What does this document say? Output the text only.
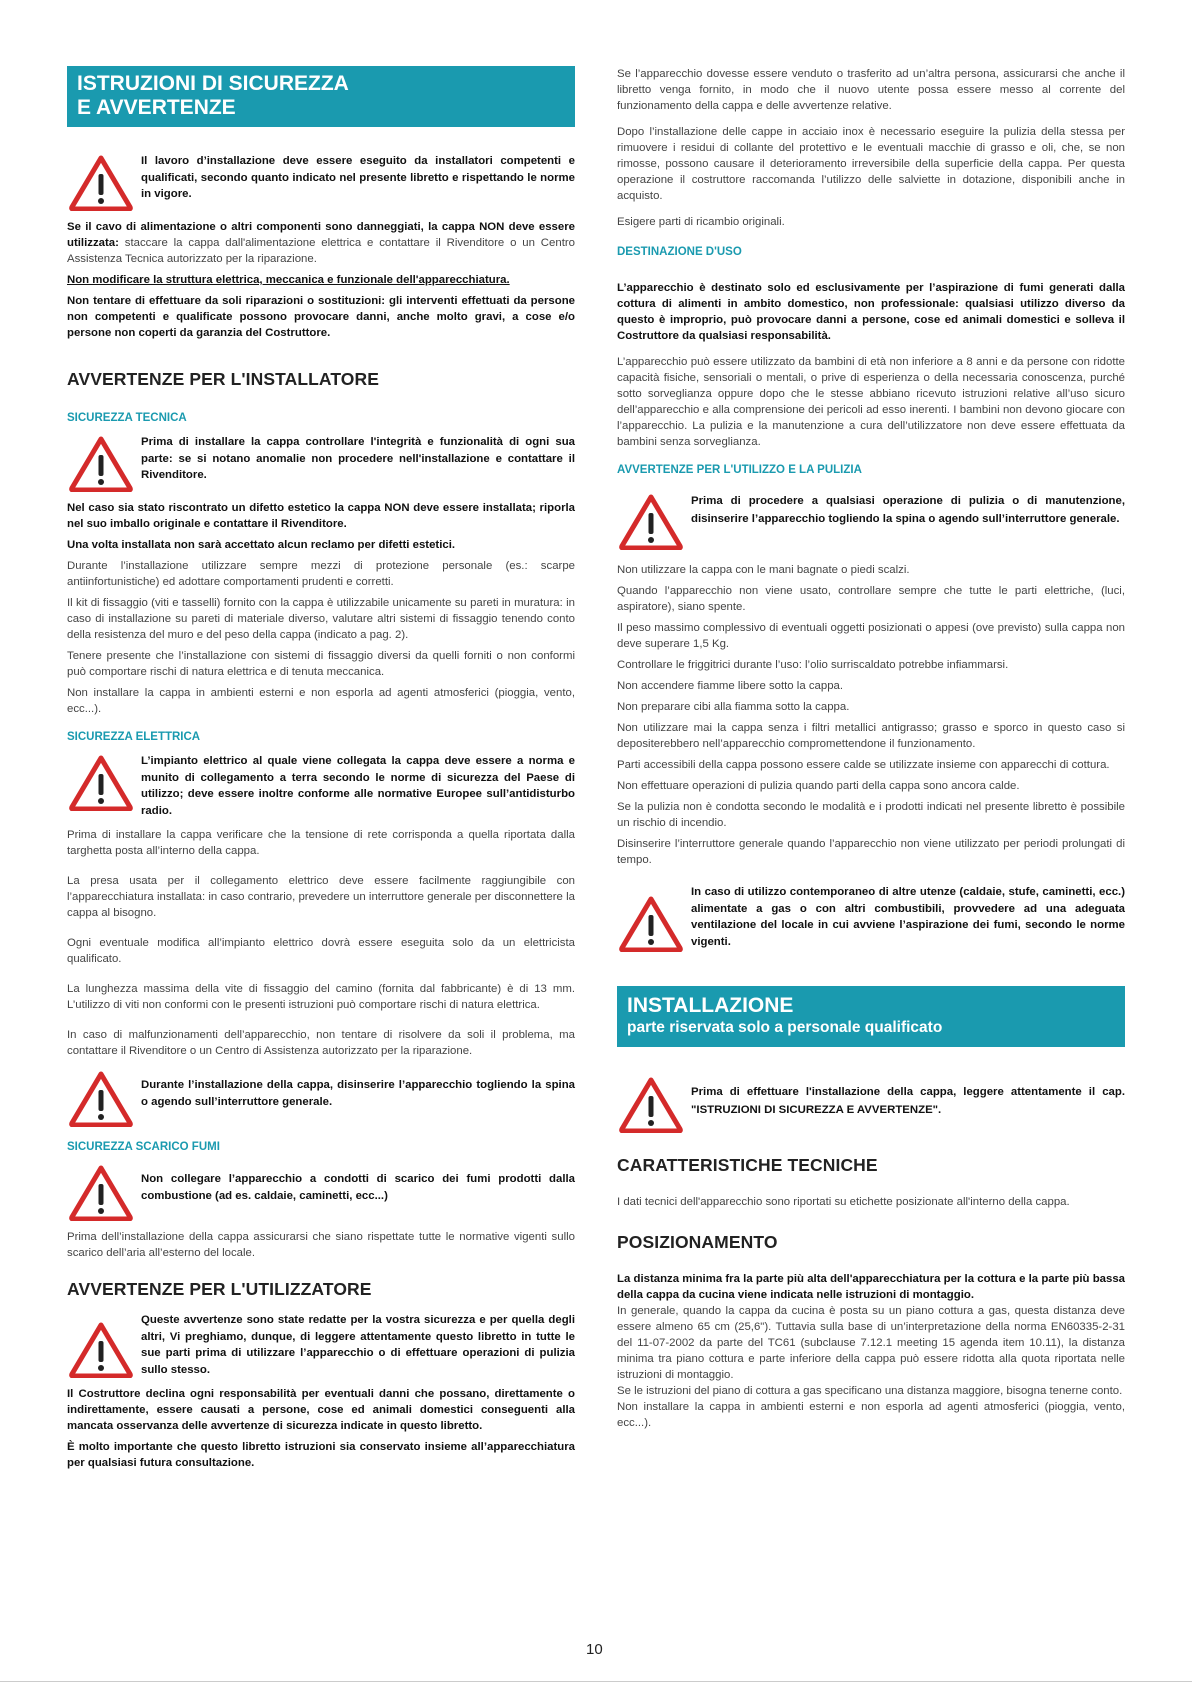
ISTRUZIONI DI SICUREZZA
E AVVERTENZE
Il lavoro d’installazione deve essere eseguito da installatori competenti e qualificati, secondo quanto indicato nel presente libretto e rispettando le norme in vigore.

Se il cavo di alimentazione o altri componenti sono danneggiati, la cappa NON deve essere utilizzata: staccare la cappa dall'alimentazione elettrica e contattare il Rivenditore o un Centro Assistenza Tecnica autorizzato per la riparazione.

Non modificare la struttura elettrica, meccanica e funzionale dell'apparecchiatura.

Non tentare di effettuare da soli riparazioni o sostituzioni: gli interventi effettuati da persone non competenti e qualificate possono provocare danni, anche molto gravi, a cose e/o persone non coperti da garanzia del Costruttore.

AVVERTENZE PER L'INSTALLATORE
SICUREZZA TECNICA
Prima di installare la cappa controllare l'integrità e funzionalità di ogni sua parte: se si notano anomalie non procedere nell'installazione e contattare il Rivenditore.

Nel caso sia stato riscontrato un difetto estetico la cappa NON deve essere installata; riporla nel suo imballo originale e contattare il Rivenditore.

Una volta installata non sarà accettato alcun reclamo per difetti estetici.

Durante l’installazione utilizzare sempre mezzi di protezione personale (es.: scarpe antiinfortunistiche) ed adottare comportamenti prudenti e corretti.

Il kit di fissaggio (viti e tasselli) fornito con la cappa è utilizzabile unicamente su pareti in muratura: in caso di installazione su pareti di materiale diverso, valutare altri sistemi di fissaggio tenendo conto della resistenza del muro e del peso della cappa (indicato a pag. 2).

Tenere presente che l’installazione con sistemi di fissaggio diversi da quelli forniti o non conformi può comportare rischi di natura elettrica e di tenuta meccanica.

Non installare la cappa in ambienti esterni e non esporla ad agenti atmosferici (pioggia, vento, ecc...).

SICUREZZA ELETTRICA
L’impianto elettrico al quale viene collegata la cappa deve essere a norma e munito di collegamento a terra secondo le norme di sicurezza del Paese di utilizzo; deve essere inoltre conforme alle normative Europee sull’antidisturbo radio.

Prima di installare la cappa verificare che la tensione di rete corrisponda a quella riportata dalla targhetta posta all’interno della cappa.

La presa usata per il collegamento elettrico deve essere facilmente raggiungibile con l’apparecchiatura installata: in caso contrario, prevedere un interruttore generale per disconnettere la cappa al bisogno.

Ogni eventuale modifica all’impianto elettrico dovrà essere eseguita solo da un elettricista qualificato.

La lunghezza massima della vite di fissaggio del camino (fornita dal fabbricante) è di 13 mm. L’utilizzo di viti non conformi con le presenti istruzioni può comportare rischi di natura elettrica.

In caso di malfunzionamenti dell’apparecchio, non tentare di risolvere da soli il problema, ma contattare il Rivenditore o un Centro di Assistenza autorizzato per la riparazione.

Durante l’installazione della cappa, disinserire l’apparecchio togliendo la spina o agendo sull’interruttore generale.
SICUREZZA SCARICO FUMI
Non collegare l’apparecchio a condotti di scarico dei fumi prodotti dalla combustione (ad es. caldaie, caminetti, ecc...)

Prima dell’installazione della cappa assicurarsi che siano rispettate tutte le normative vigenti sullo scarico dell’aria all’esterno del locale.

AVVERTENZE PER L'UTILIZZATORE
Queste avvertenze sono state redatte per la vostra sicurezza e per quella degli altri, Vi preghiamo, dunque, di leggere attentamente questo libretto in tutte le sue parti prima di utilizzare l’apparecchio o di effettuare operazioni di pulizia sullo stesso.

Il Costruttore declina ogni responsabilità per eventuali danni che possano, direttamente o indirettamente, essere causati a persone, cose ed animali domestici conseguenti alla mancata osservanza delle avvertenze di sicurezza indicate in questo libretto.

È molto importante che questo libretto istruzioni sia conservato insieme all’apparecchiatura per qualsiasi futura consultazione.

Se l’apparecchio dovesse essere venduto o trasferito ad un’altra persona, assicurarsi che anche il libretto venga fornito, in modo che il nuovo utente possa essere messo al corrente del funzionamento della cappa e delle avvertenze relative.

Dopo l’installazione delle cappe in acciaio inox è necessario eseguire la pulizia della stessa per rimuovere i residui di collante del protettivo e le eventuali macchie di grasso e oli, che, se non rimosse, possono causare il deterioramento irreversibile della superficie della cappa. Per questa operazione il costruttore raccomanda l’utilizzo delle salviette in dotazione, disponibili anche in acquisto.

Esigere parti di ricambio originali.

DESTINAZIONE D'USO

L’apparecchio è destinato solo ed esclusivamente per l’aspirazione di fumi generati dalla cottura di alimenti in ambito domestico, non professionale: qualsiasi utilizzo diverso da questo è improprio, può provocare danni a persone, cose ed animali domestici e solleva il Costruttore da qualsiasi responsabilità.

L’apparecchio può essere utilizzato da bambini di età non inferiore a 8 anni e da persone con ridotte capacità fisiche, sensoriali o mentali, o prive di esperienza o della necessaria conoscenza, purché sotto sorveglianza oppure dopo che le stesse abbiano ricevuto istruzioni relative all’uso sicuro dell’apparecchio e alla comprensione dei pericoli ad esso inerenti. I bambini non devono giocare con l’apparecchio. La pulizia e la manutenzione a cura dell’utilizzatore non deve essere effettuata da bambini senza sorveglianza.

AVVERTENZE PER L'UTILIZZO E LA PULIZIA
Prima di procedere a qualsiasi operazione di pulizia o di manutenzione, disinserire l’apparecchio togliendo la spina o agendo sull’interruttore generale.

Non utilizzare la cappa con le mani bagnate o piedi scalzi.

Quando l’apparecchio non viene usato, controllare sempre che tutte le parti elettriche, (luci, aspiratore), siano spente.

Il peso massimo complessivo di eventuali oggetti posizionati o appesi (ove previsto) sulla cappa non deve superare 1,5 Kg.

Controllare le friggitrici durante l’uso: l’olio surriscaldato potrebbe infiammarsi.

Non accendere fiamme libere sotto la cappa.

Non preparare cibi alla fiamma sotto la cappa.

Non utilizzare mai la cappa senza i filtri metallici antigrasso; grasso e sporco in questo caso si depositerebbero nell’apparecchio compromettendone il funzionamento.

Parti accessibili della cappa possono essere calde se utilizzate insieme con apparecchi di cottura.

Non effettuare operazioni di pulizia quando parti della cappa sono ancora calde.

Se la pulizia non è condotta secondo le modalità e i prodotti indicati nel presente libretto è possibile un rischio di incendio.

Disinserire l’interruttore generale quando l’apparecchio non viene utilizzato per periodi prolungati di tempo.

In caso di utilizzo contemporaneo di altre utenze (caldaie, stufe, caminetti, ecc.) alimentate a gas o con altri combustibili, provvedere ad una adeguata ventilazione del locale in cui avviene l’aspirazione dei fumi, secondo le norme vigenti.
INSTALLAZIONE
parte riservata solo a personale qualificato
Prima di effettuare l'installazione della cappa, leggere attentamente il cap. "ISTRUZIONI DI SICUREZZA E AVVERTENZE".
CARATTERISTICHE TECNICHE

I dati tecnici dell'apparecchio sono riportati su etichette posizionate all'interno della cappa.

POSIZIONAMENTO

La distanza minima fra la parte più alta dell'apparecchiatura per la cottura e la parte più bassa della cappa da cucina viene indicata nelle istruzioni di montaggio.

In generale, quando la cappa da cucina è posta su un piano cottura a gas, questa distanza deve essere almeno 65 cm (25,6"). Tuttavia sulla base di un’interpretazione della norma EN60335-2-31 del 11-07-2002 da parte del TC61 (subclause 7.12.1 meeting 15 agenda item 10.11), la distanza minima tra piano cottura e parte inferiore della cappa può essere ridotta alla quota riportata nelle istruzioni di montaggio.

Se le istruzioni del piano di cottura a gas specificano una distanza maggiore, bisogna tenerne conto.

Non installare la cappa in ambienti esterni e non esporla ad agenti atmosferici (pioggia, vento, ecc...).

10
